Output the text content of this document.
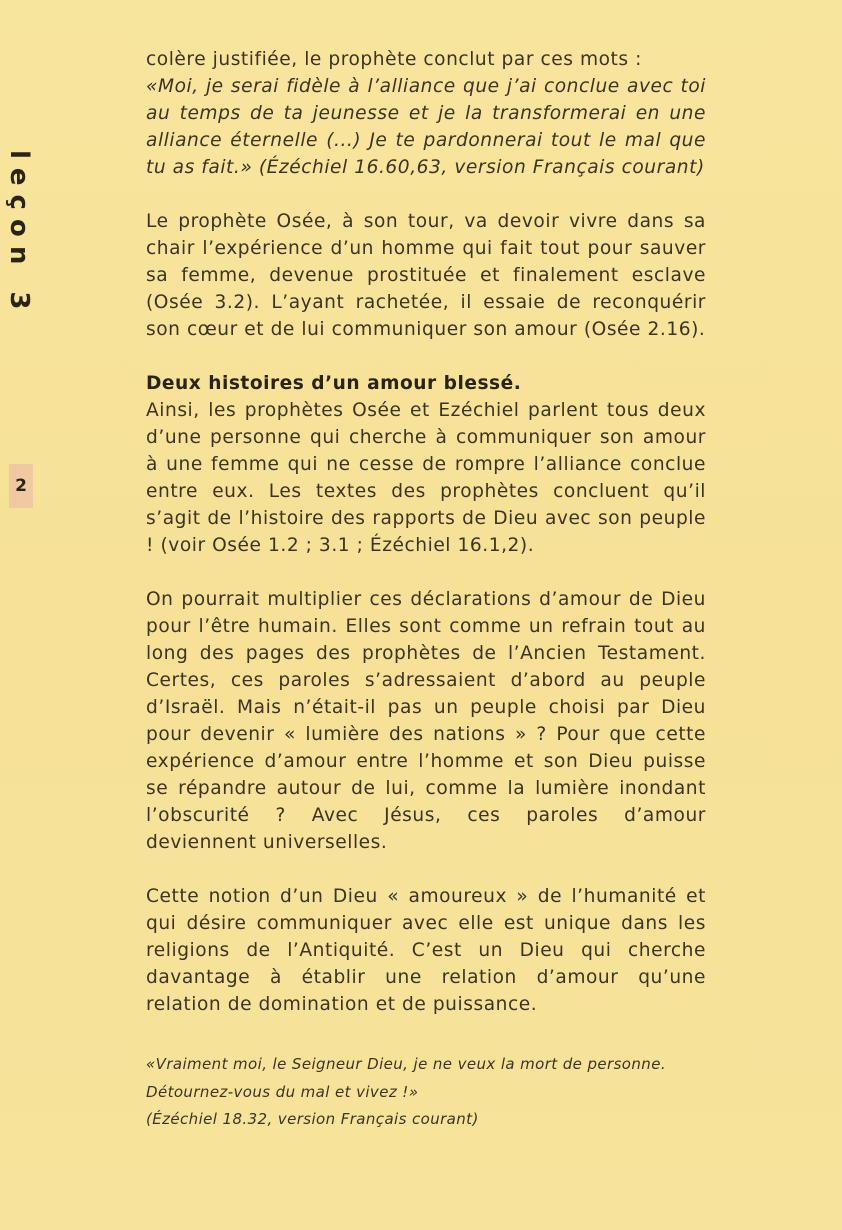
leçon 3
2

colère justifiée, le prophète conclut par ces mots :

«Moi, je serai fidèle à l’alliance que j’ai conclue avec toi au temps de ta jeunesse et je la transformerai en une alliance éternelle (...) Je te pardonnerai tout le mal que tu as fait.» (Ézéchiel 16.60,63, version Français courant)

Le prophète Osée, à son tour, va devoir vivre dans sa chair l’expérience d’un homme qui fait tout pour sauver sa femme, devenue prostituée et finalement esclave (Osée 3.2). L’ayant rachetée, il essaie de reconquérir son cœur et de lui communiquer son amour (Osée 2.16).

Deux histoires d’un amour blessé.

Ainsi, les prophètes Osée et Ezéchiel parlent tous deux d’une personne qui cherche à communiquer son amour à une femme qui ne cesse de rompre l’alliance conclue entre eux. Les textes des prophètes concluent qu’il s’agit de l’histoire des rapports de Dieu avec son peuple ! (voir Osée 1.2 ; 3.1 ; Ézéchiel 16.1,2).

On pourrait multiplier ces déclarations d’amour de Dieu pour l’être humain. Elles sont comme un refrain tout au long des pages des prophètes de l’Ancien Testament. Certes, ces paroles s’adressaient d’abord au peuple d’Israël. Mais n’était-il pas un peuple choisi par Dieu pour devenir « lumière des nations » ? Pour que cette expérience d’amour entre l’homme et son Dieu puisse se répandre autour de lui, comme la lumière inondant l’obscurité ? Avec Jésus, ces paroles d’amour deviennent universelles.

Cette notion d’un Dieu « amoureux » de l’humanité et qui désire communiquer avec elle est unique dans les religions de l’Antiquité. C’est un Dieu qui cherche davantage à établir une relation d’amour qu’une relation de domination et de puissance.

«Vraiment moi, le Seigneur Dieu, je ne veux la mort de personne.
Détournez-vous du mal et vivez !»
(Ézéchiel 18.32, version Français courant)
